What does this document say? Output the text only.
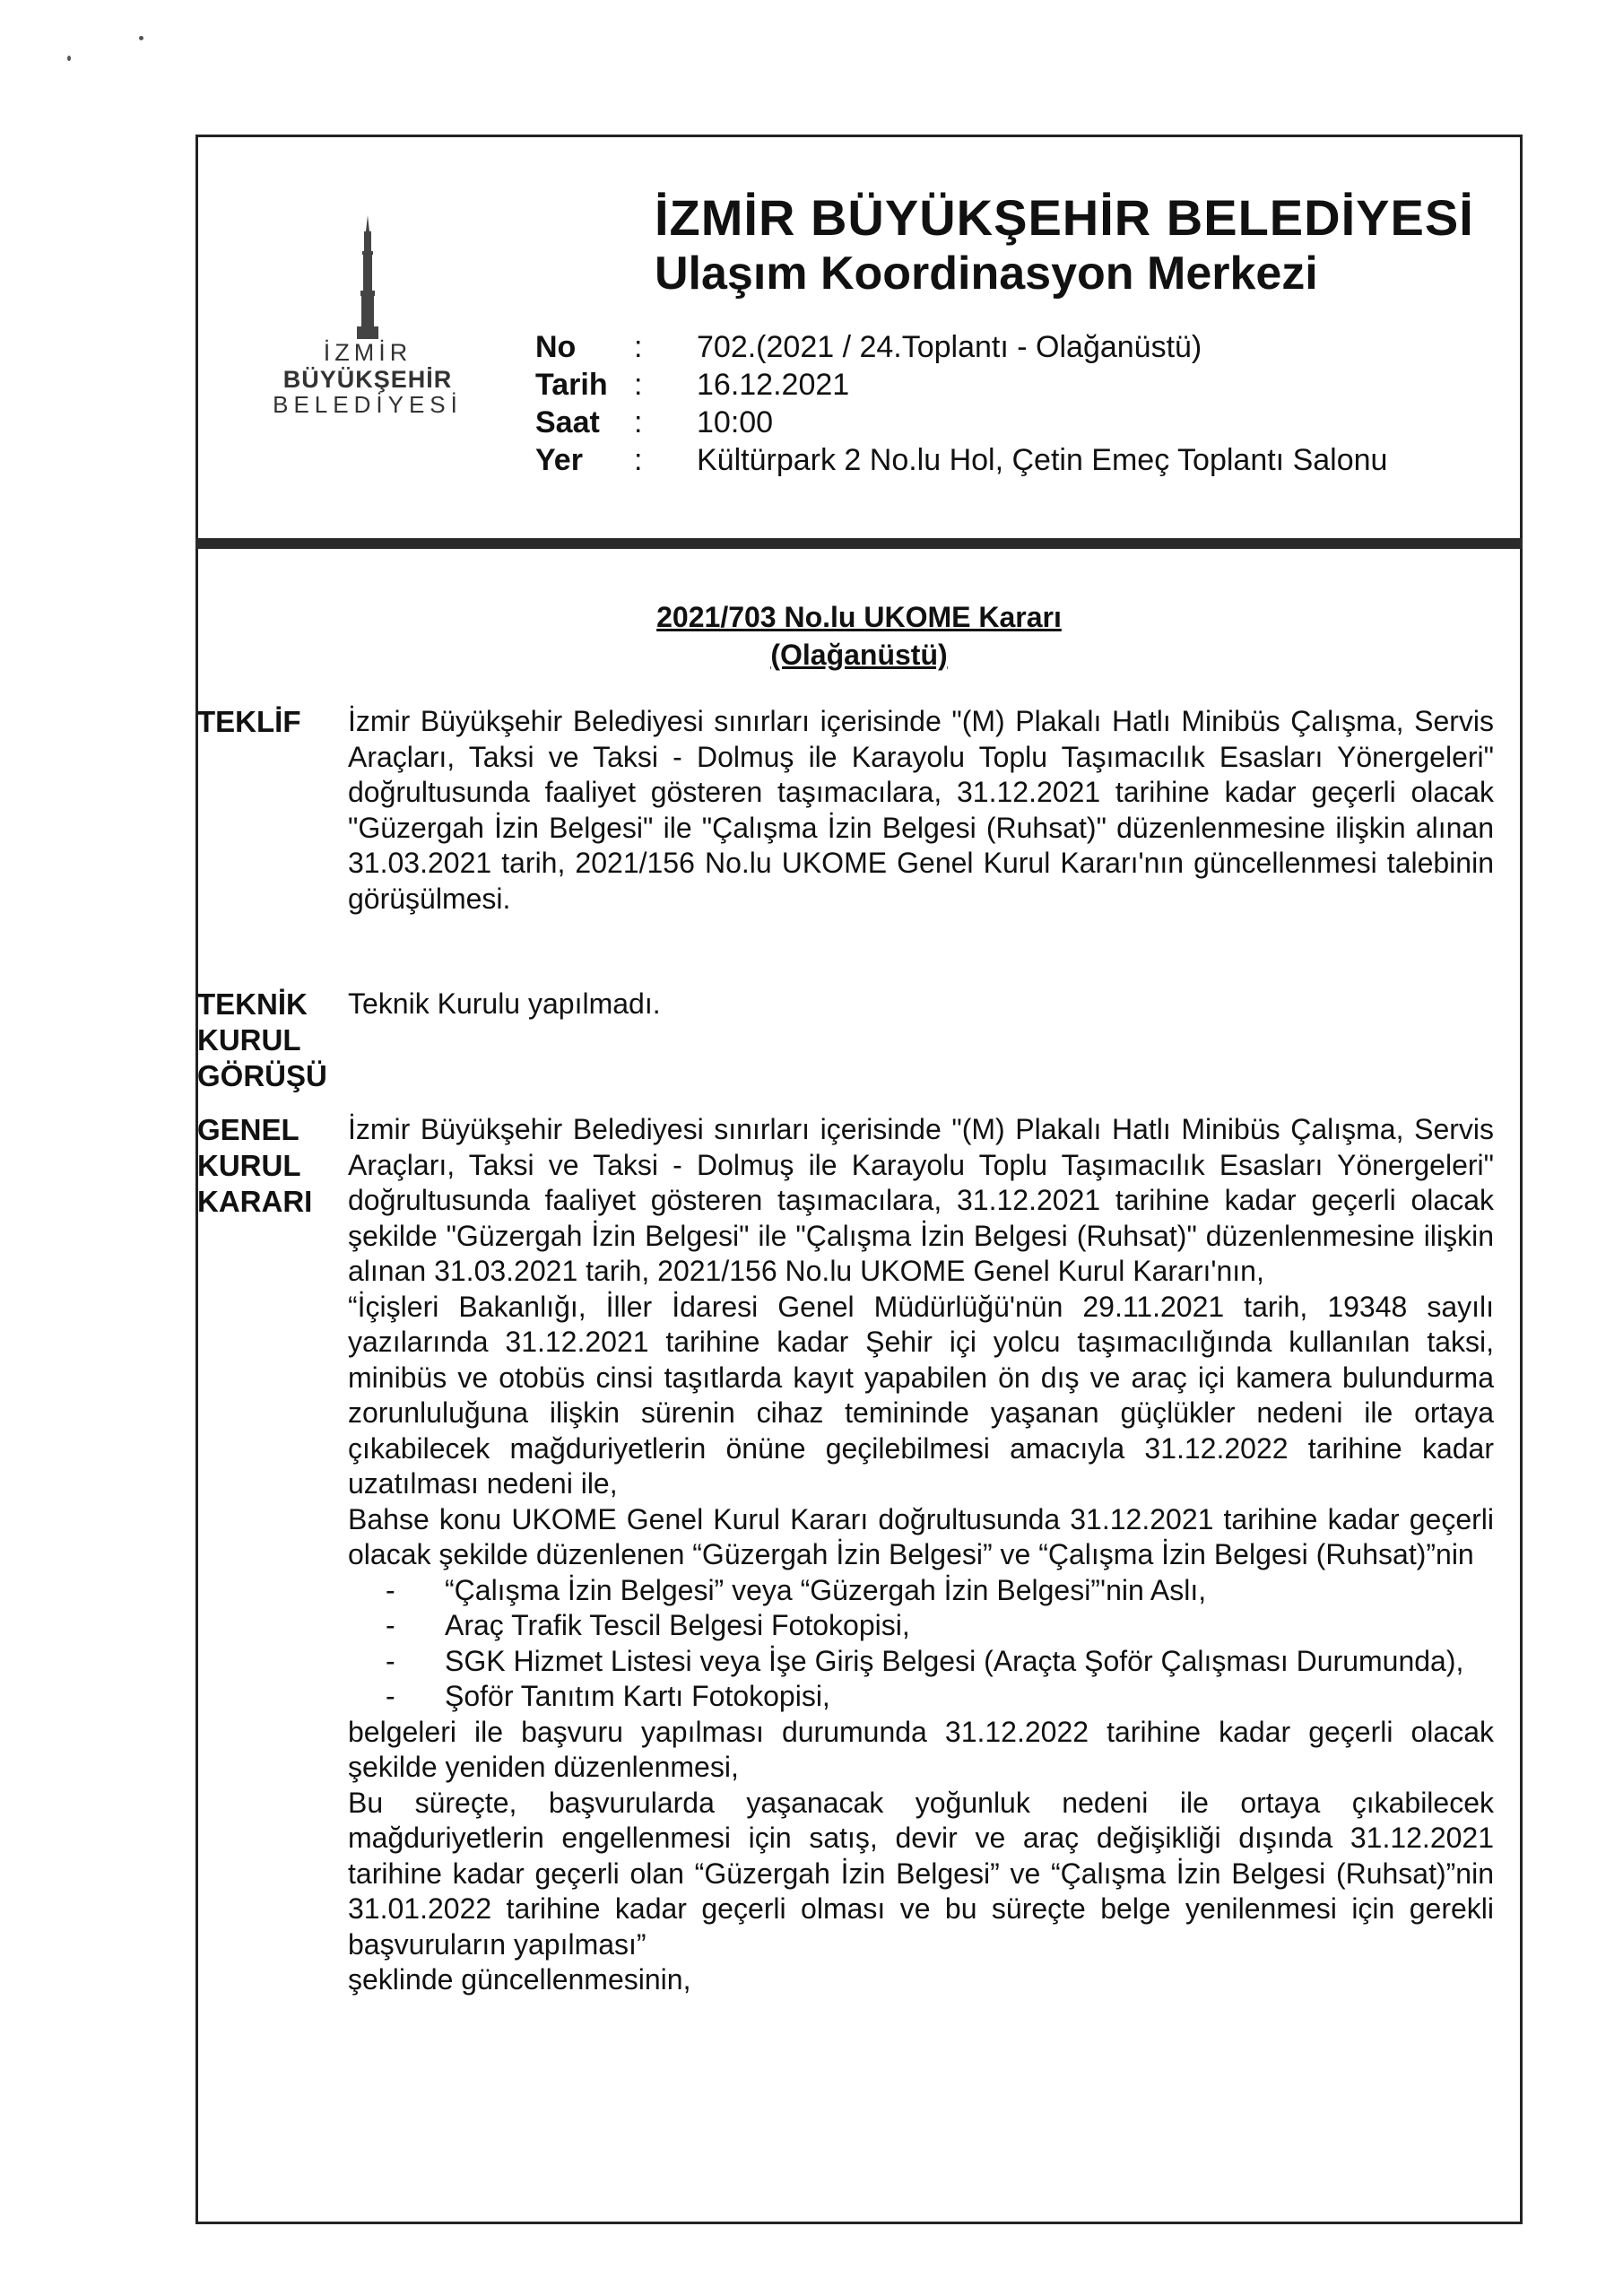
İZMİR
BÜYÜKŞEHİR
BELEDİYESİ
İZMİR BÜYÜKŞEHİR BELEDİYESİ
Ulaşım Koordinasyon Merkezi
No : 702.(2021 / 24.Toplantı - Olağanüstü)
Tarih : 16.12.2021
Saat : 10:00
Yer : Kültürpark 2 No.lu Hol, Çetin Emeç Toplantı Salonu
2021/703 No.lu UKOME Kararı
(Olağanüstü)
TEKLİF	İzmir Büyükşehir Belediyesi sınırları içerisinde "(M) Plakalı Hatlı Minibüs Çalışma, Servis Araçları, Taksi ve Taksi - Dolmuş ile Karayolu Toplu Taşımacılık Esasları Yönergeleri" doğrultusunda faaliyet gösteren taşımacılara, 31.12.2021 tarihine kadar geçerli olacak "Güzergah İzin Belgesi" ile "Çalışma İzin Belgesi (Ruhsat)" düzenlenmesine ilişkin alınan 31.03.2021 tarih, 2021/156 No.lu UKOME Genel Kurul Kararı'nın güncellenmesi talebinin görüşülmesi.

TEKNİK
KURUL
GÖRÜŞÜ

Teknik Kurulu yapılmadı.

GENEL
KURUL
KARARI

İzmir Büyükşehir Belediyesi sınırları içerisinde "(M) Plakalı Hatlı Minibüs Çalışma, Servis Araçları, Taksi ve Taksi - Dolmuş ile Karayolu Toplu Taşımacılık Esasları Yönergeleri" doğrultusunda faaliyet gösteren taşımacılara, 31.12.2021 tarihine kadar geçerli olacak şekilde "Güzergah İzin Belgesi" ile "Çalışma İzin Belgesi (Ruhsat)" düzenlenmesine ilişkin alınan 31.03.2021 tarih, 2021/156 No.lu UKOME Genel Kurul Kararı'nın,

“İçişleri Bakanlığı, İller İdaresi Genel Müdürlüğü'nün 29.11.2021 tarih, 19348 sayılı yazılarında 31.12.2021 tarihine kadar Şehir içi yolcu taşımacılığında kullanılan taksi, minibüs ve otobüs cinsi taşıtlarda kayıt yapabilen ön dış ve araç içi kamera bulundurma zorunluluğuna ilişkin sürenin cihaz temininde yaşanan güçlükler nedeni ile ortaya çıkabilecek mağduriyetlerin önüne geçilebilmesi amacıyla 31.12.2022 tarihine kadar uzatılması nedeni ile,

Bahse konu UKOME Genel Kurul Kararı doğrultusunda 31.12.2021 tarihine kadar geçerli olacak şekilde düzenlenen “Güzergah İzin Belgesi” ve “Çalışma İzin Belgesi (Ruhsat)”nin

- “Çalışma İzin Belgesi” veya “Güzergah İzin Belgesi”'nin Aslı,
- Araç Trafik Tescil Belgesi Fotokopisi,
- SGK Hizmet Listesi veya İşe Giriş Belgesi (Araçta Şoför Çalışması Durumunda),
- Şoför Tanıtım Kartı Fotokopisi,

belgeleri ile başvuru yapılması durumunda 31.12.2022 tarihine kadar geçerli olacak şekilde yeniden düzenlenmesi,

Bu süreçte, başvurularda yaşanacak yoğunluk nedeni ile ortaya çıkabilecek mağduriyetlerin engellenmesi için satış, devir ve araç değişikliği dışında 31.12.2021 tarihine kadar geçerli olan “Güzergah İzin Belgesi” ve “Çalışma İzin Belgesi (Ruhsat)”nin 31.01.2022 tarihine kadar geçerli olması ve bu süreçte belge yenilenmesi için gerekli başvuruların yapılması”

şeklinde güncellenmesinin,
